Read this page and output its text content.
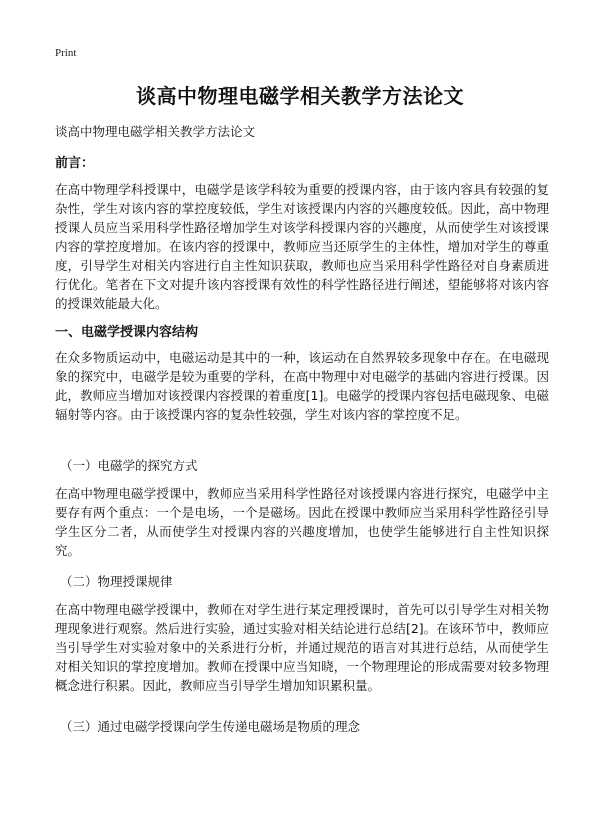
Print
谈高中物理电磁学相关教学方法论文
谈高中物理电磁学相关教学方法论文
前言：
在高中物理学科授课中，电磁学是该学科较为重要的授课内容，由于该内容具有较强的复杂性，学生对该内容的掌控度较低，学生对该授课内内容的兴趣度较低。因此，高中物理授课人员应当采用科学性路径增加学生对该学科授课内容的兴趣度，从而使学生对该授课内容的掌控度增加。在该内容的授课中，教师应当还原学生的主体性，增加对学生的尊重度，引导学生对相关内容进行自主性知识获取，教师也应当采用科学性路径对自身素质进行优化。笔者在下文对提升该内容授课有效性的科学性路径进行阐述，望能够将对该内容的授课效能最大化。
一、电磁学授课内容结构
在众多物质运动中，电磁运动是其中的一种，该运动在自然界较多现象中存在。在电磁现象的探究中，电磁学是较为重要的学科，在高中物理中对电磁学的基础内容进行授课。因此，教师应当增加对该授课内容授课的着重度[1]。电磁学的授课内容包括电磁现象、电磁辐射等内容。由于该授课内容的复杂性较强，学生对该内容的掌控度不足。
（一）电磁学的探究方式
在高中物理电磁学授课中，教师应当采用科学性路径对该授课内容进行探究，电磁学中主要存有两个重点：一个是电场，一个是磁场。因此在授课中教师应当采用科学性路径引导学生区分二者，从而使学生对授课内容的兴趣度增加，也使学生能够进行自主性知识探究。
（二）物理授课规律
在高中物理电磁学授课中，教师在对学生进行某定理授课时，首先可以引导学生对相关物理现象进行观察。然后进行实验，通过实验对相关结论进行总结[2]。在该环节中，教师应当引导学生对实验对象中的关系进行分析，并通过规范的语言对其进行总结，从而使学生对相关知识的掌控度增加。教师在授课中应当知晓，一个物理理论的形成需要对较多物理概念进行积累。因此，教师应当引导学生增加知识累积量。
（三）通过电磁学授课向学生传递电磁场是物质的理念
